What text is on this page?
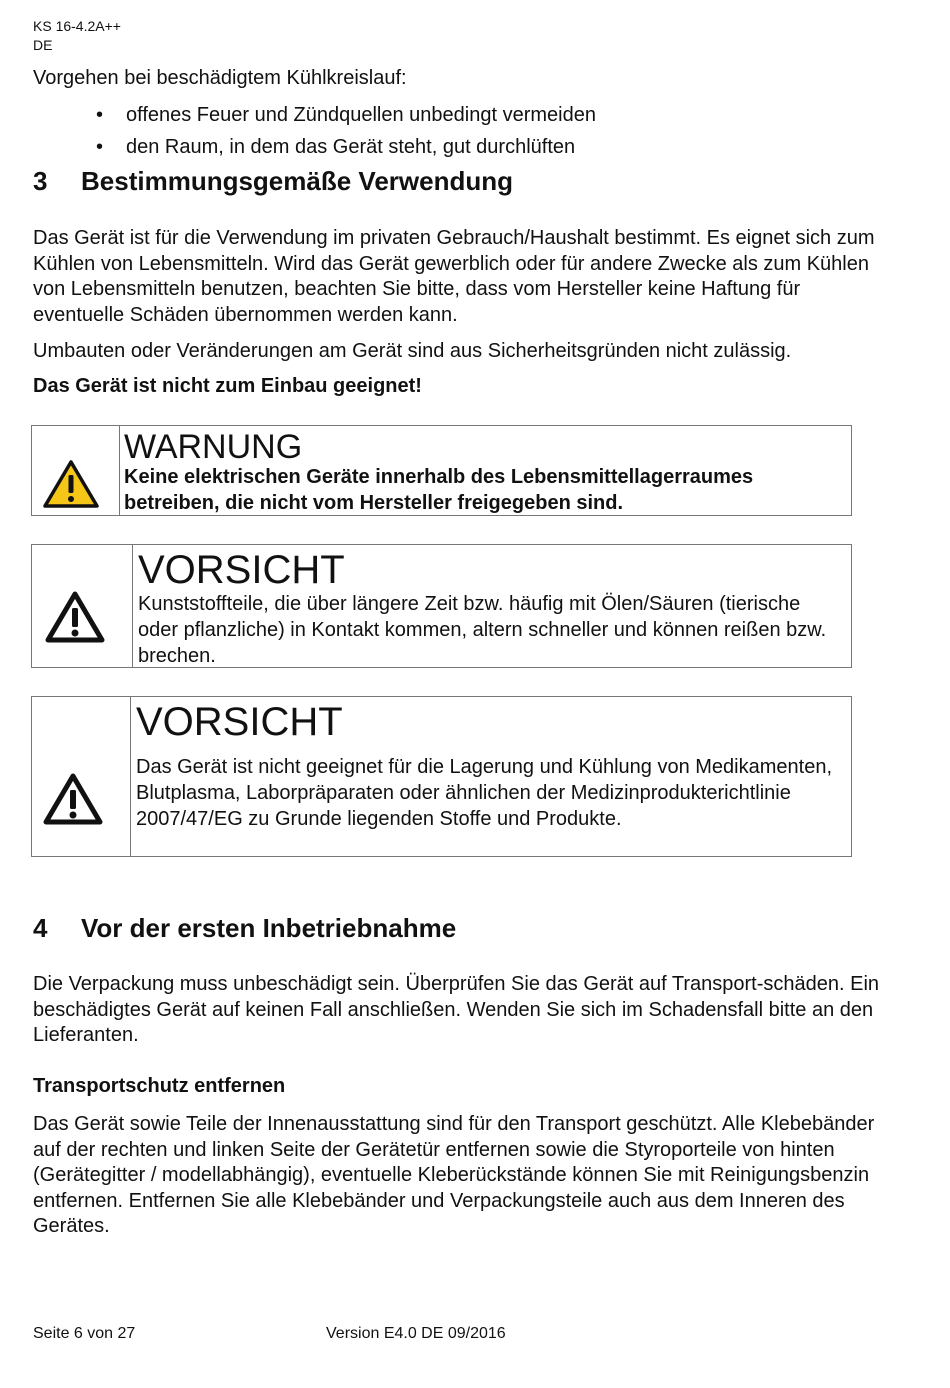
KS 16-4.2A++
DE
Vorgehen bei beschädigtem Kühlkreislauf:
• offenes Feuer und Zündquellen unbedingt vermeiden
• den Raum, in dem das Gerät steht, gut durchlüften
3 Bestimmungsgemäße Verwendung
Das Gerät ist für die Verwendung im privaten Gebrauch/Haushalt bestimmt. Es eignet sich zum Kühlen von Lebensmitteln. Wird das Gerät gewerblich oder für andere Zwecke als zum Kühlen von Lebensmitteln benutzen, beachten Sie bitte, dass vom Hersteller keine Haftung für eventuelle Schäden übernommen werden kann.
Umbauten oder Veränderungen am Gerät sind aus Sicherheitsgründen nicht zulässig.
Das Gerät ist nicht zum Einbau geeignet!
WARNUNG
Keine elektrischen Geräte innerhalb des Lebensmittellagerraumes betreiben, die nicht vom Hersteller freigegeben sind.
VORSICHT
Kunststoffteile, die über längere Zeit bzw. häufig mit Ölen/Säuren (tierische oder pflanzliche) in Kontakt kommen, altern schneller und können reißen bzw. brechen.
VORSICHT
Das Gerät ist nicht geeignet für die Lagerung und Kühlung von Medikamenten, Blutplasma, Laborpräparaten oder ähnlichen der Medizinprodukterichtlinie 2007/47/EG zu Grunde liegenden Stoffe und Produkte.
4 Vor der ersten Inbetriebnahme
Die Verpackung muss unbeschädigt sein. Überprüfen Sie das Gerät auf Transport-schäden. Ein beschädigtes Gerät auf keinen Fall anschließen. Wenden Sie sich im Schadensfall bitte an den Lieferanten.
Transportschutz entfernen
Das Gerät sowie Teile der Innenausstattung sind für den Transport geschützt. Alle Klebebänder auf der rechten und linken Seite der Gerätetür entfernen sowie die Styroporteile von hinten (Gerätegitter / modellabhängig), eventuelle Kleberückstände können Sie mit Reinigungsbenzin entfernen. Entfernen Sie alle Klebebänder und Verpackungsteile auch aus dem Inneren des Gerätes.
Seite 6 von 27	Version E4.0 DE 09/2016
